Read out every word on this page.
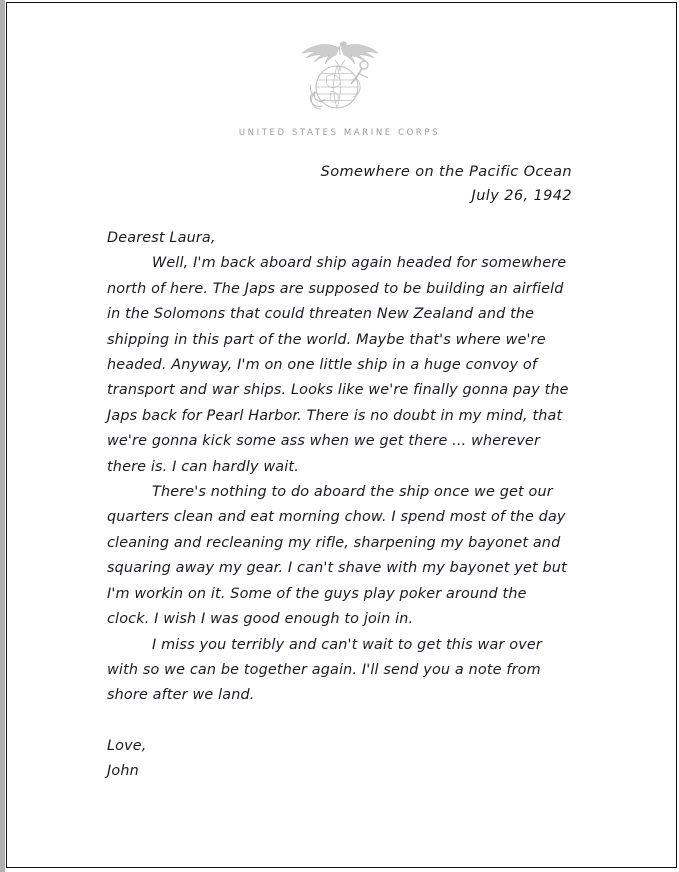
UNITED STATES MARINE CORPS
Somewhere on the Pacific Ocean
July 26, 1942

Dearest Laura,

Well, I'm back aboard ship again headed for somewhere north of here. The Japs are supposed to be building an airfield in the Solomons that could threaten New Zealand and the shipping in this part of the world. Maybe that's where we're headed. Anyway, I'm on one little ship in a huge convoy of transport and war ships. Looks like we're finally gonna pay the Japs back for Pearl Harbor. There is no doubt in my mind, that we're gonna kick some ass when we get there ... wherever there is. I can hardly wait.

There's nothing to do aboard the ship once we get our quarters clean and eat morning chow. I spend most of the day cleaning and recleaning my rifle, sharpening my bayonet and squaring away my gear. I can't shave with my bayonet yet but I'm workin on it. Some of the guys play poker around the clock. I wish I was good enough to join in.

I miss you terribly and can't wait to get this war over with so we can be together again. I'll send you a note from shore after we land.

Love,

John
